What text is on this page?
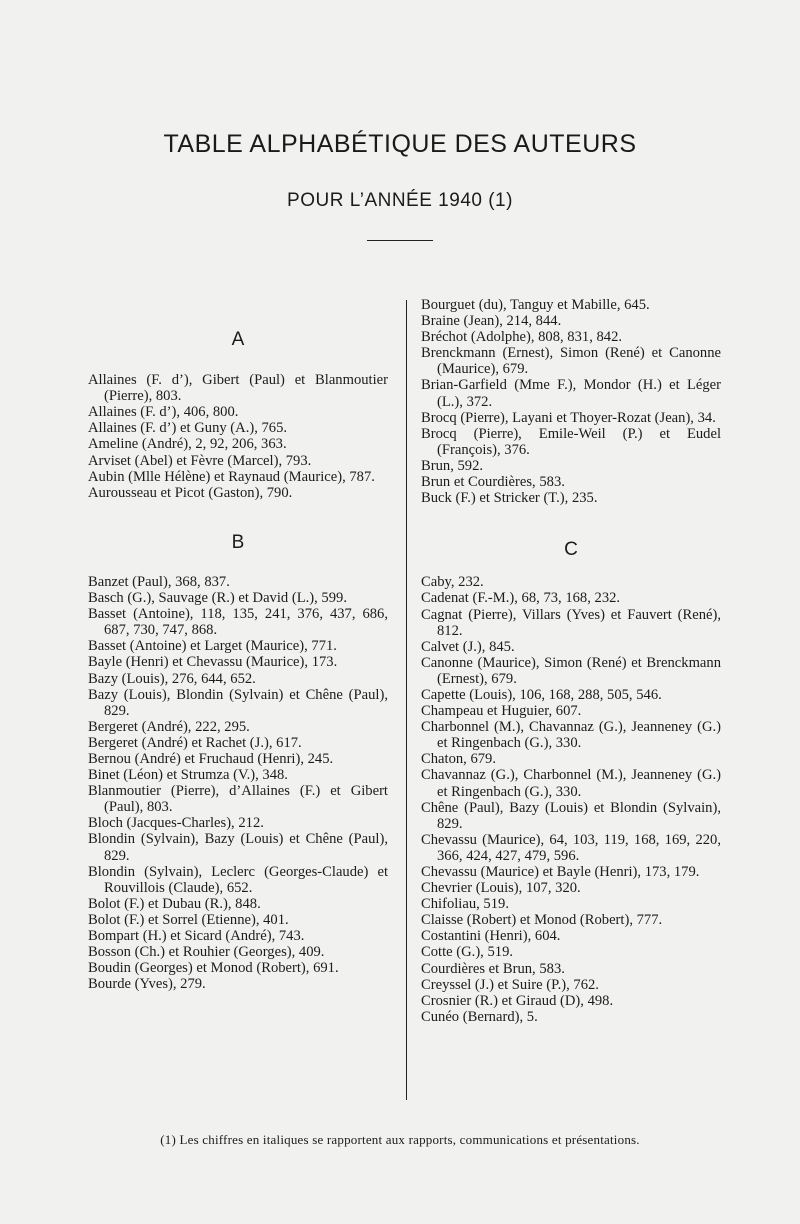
TABLE ALPHABÉTIQUE DES AUTEURS
POUR L’ANNÉE 1940 (1)
A

Allaines (F. d’), Gibert (Paul) et Blanmoutier (Pierre), 803.

Allaines (F. d’), 406, 800.

Allaines (F. d’) et Guny (A.), 765.

Ameline (André), 2, 92, 206, 363.

Arviset (Abel) et Fèvre (Marcel), 793.

Aubin (Mlle Hélène) et Raynaud (Maurice), 787.

Aurousseau et Picot (Gaston), 790.

B

Banzet (Paul), 368, 837.

Basch (G.), Sauvage (R.) et David (L.), 599.

Basset (Antoine), 118, 135, 241, 376, 437, 686, 687, 730, 747, 868.

Basset (Antoine) et Larget (Maurice), 771.

Bayle (Henri) et Chevassu (Maurice), 173.

Bazy (Louis), 276, 644, 652.

Bazy (Louis), Blondin (Sylvain) et Chêne (Paul), 829.

Bergeret (André), 222, 295.

Bergeret (André) et Rachet (J.), 617.

Bernou (André) et Fruchaud (Henri), 245.

Binet (Léon) et Strumza (V.), 348.

Blanmoutier (Pierre), d’Allaines (F.) et Gibert (Paul), 803.

Bloch (Jacques-Charles), 212.

Blondin (Sylvain), Bazy (Louis) et Chêne (Paul), 829.

Blondin (Sylvain), Leclerc (Georges-Claude) et Rouvillois (Claude), 652.

Bolot (F.) et Dubau (R.), 848.

Bolot (F.) et Sorrel (Etienne), 401.

Bompart (H.) et Sicard (André), 743.

Bosson (Ch.) et Rouhier (Georges), 409.

Boudin (Georges) et Monod (Robert), 691.

Bourde (Yves), 279.

Bourguet (du), Tanguy et Mabille, 645.

Braine (Jean), 214, 844.

Bréchot (Adolphe), 808, 831, 842.

Brenckmann (Ernest), Simon (René) et Canonne (Maurice), 679.

Brian-Garfield (Mme F.), Mondor (H.) et Léger (L.), 372.

Brocq (Pierre), Layani et Thoyer-Rozat (Jean), 34.

Brocq (Pierre), Emile-Weil (P.) et Eudel (François), 376.

Brun, 592.

Brun et Courdières, 583.

Buck (F.) et Stricker (T.), 235.

C

Caby, 232.

Cadenat (F.-M.), 68, 73, 168, 232.

Cagnat (Pierre), Villars (Yves) et Fauvert (René), 812.

Calvet (J.), 845.

Canonne (Maurice), Simon (René) et Brenckmann (Ernest), 679.

Capette (Louis), 106, 168, 288, 505, 546.

Champeau et Huguier, 607.

Charbonnel (M.), Chavannaz (G.), Jeanneney (G.) et Ringenbach (G.), 330.

Chaton, 679.

Chavannaz (G.), Charbonnel (M.), Jeanneney (G.) et Ringenbach (G.), 330.

Chêne (Paul), Bazy (Louis) et Blondin (Sylvain), 829.

Chevassu (Maurice), 64, 103, 119, 168, 169, 220, 366, 424, 427, 479, 596.

Chevassu (Maurice) et Bayle (Henri), 173, 179.

Chevrier (Louis), 107, 320.

Chifoliau, 519.

Claisse (Robert) et Monod (Robert), 777.

Costantini (Henri), 604.

Cotte (G.), 519.

Courdières et Brun, 583.

Creyssel (J.) et Suire (P.), 762.

Crosnier (R.) et Giraud (D), 498.

Cunéo (Bernard), 5.

(1) Les chiffres en italiques se rapportent aux rapports, communications et présentations.
